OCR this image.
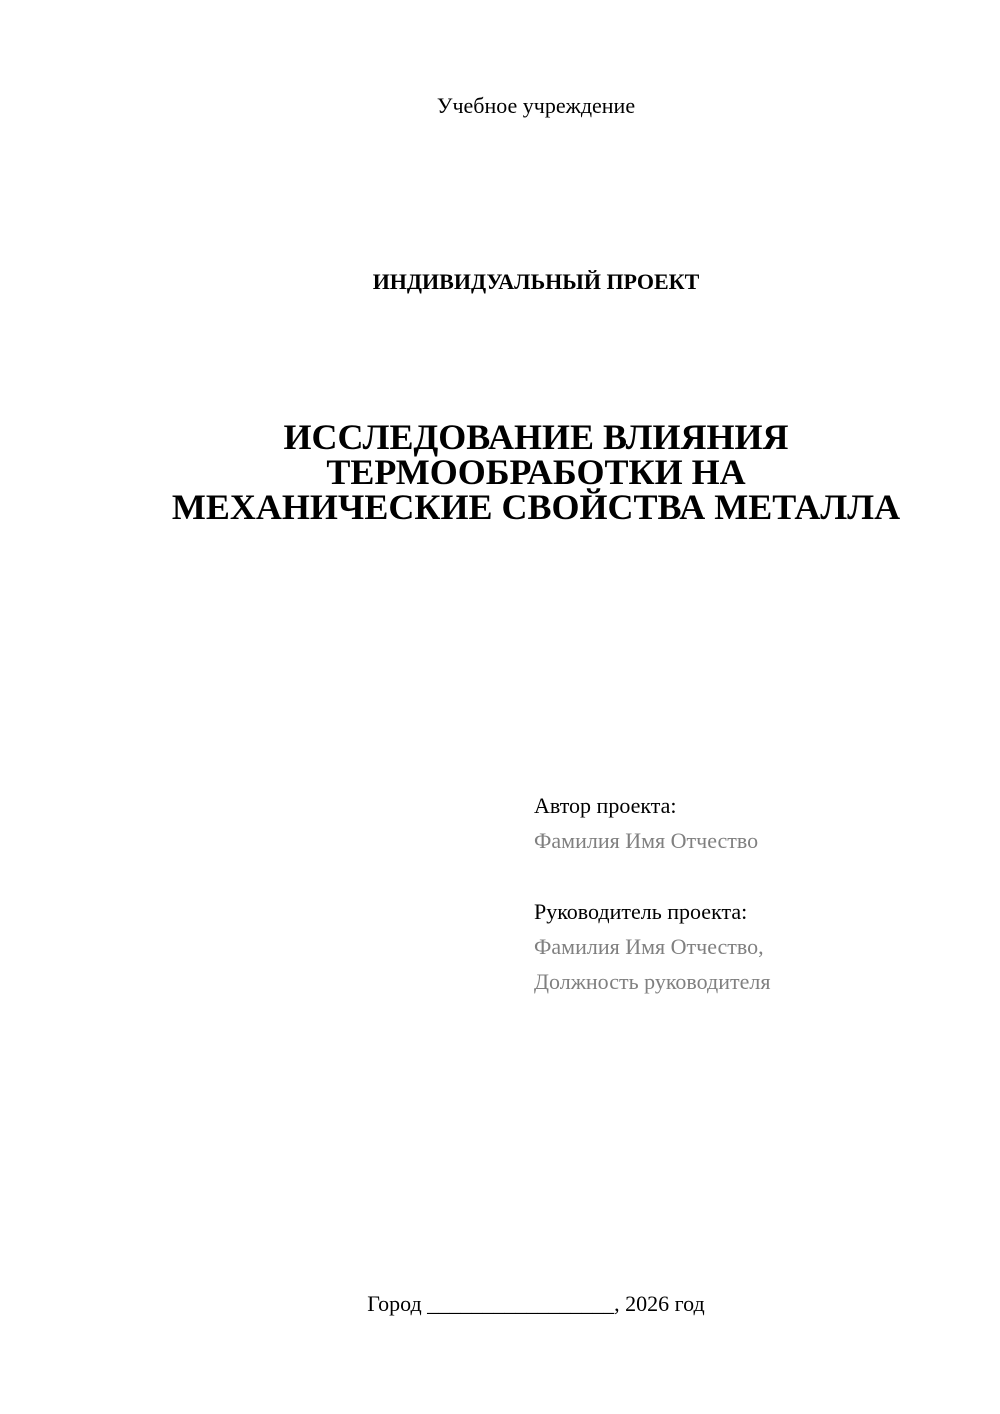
Учебное учреждение
ИНДИВИДУАЛЬНЫЙ ПРОЕКТ
ИССЛЕДОВАНИЕ ВЛИЯНИЯ
ТЕРМООБРАБОТКИ НА
МЕХАНИЧЕСКИЕ СВОЙСТВА МЕТАЛЛА
Автор проекта:
Фамилия Имя Отчество
Руководитель проекта:
Фамилия Имя Отчество,
Должность руководителя
Город _________________, 2026 год
